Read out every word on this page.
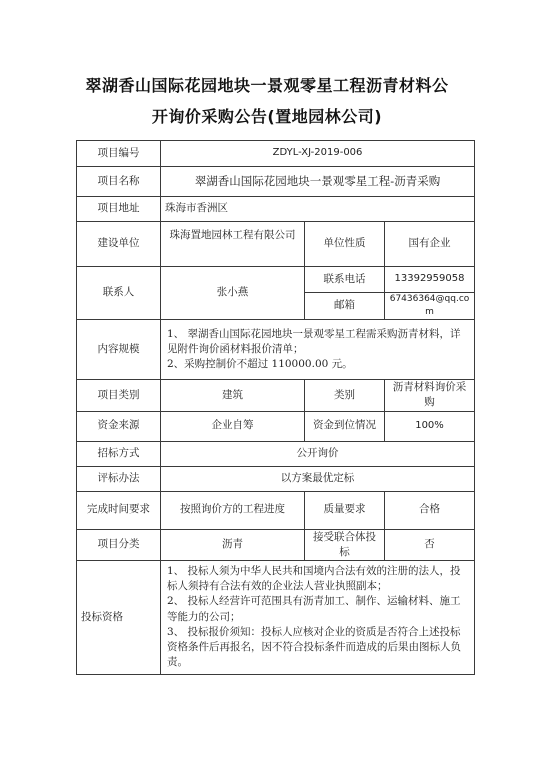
翠湖香山国际花园地块一景观零星工程沥青材料公
开询价采购公告(置地园林公司)
项目编号	ZDYL-XJ-2019-006		
项目名称	翠湖香山国际花园地块一景观零星工程-沥青采购		
项目地址	珠海市香洲区		
建设单位	珠海置地园林工程有限公司	单位性质	国有企业
联系人	张小燕	联系电话	13392959058
		邮箱	67436364@qq.com
内容规模	1、 翠湖香山国际花园地块一景观零星工程需采购沥青材料，详见附件询价函材料报价清单；
2、采购控制价不超过 110000.00 元。		

项目类别	建筑	类别	沥青材料询价采购
资金来源	企业自筹	资金到位情况	100%
招标方式	公开询价		
评标办法	以方案最优定标		
完成时间要求	按照询价方的工程进度	质量要求	合格
项目分类	沥青	接受联合体投标	否
投标资格	1、 投标人须为中华人民共和国境内合法有效的注册的法人，投标人须持有合法有效的企业法人营业执照副本；
2、 投标人经营许可范围具有沥青加工、制作、运输材料、施工等能力的公司；
3、 投标报价须知：投标人应核对企业的资质是否符合上述投标资格条件后再报名，因不符合投标条件而造成的后果由图标人负责。		
